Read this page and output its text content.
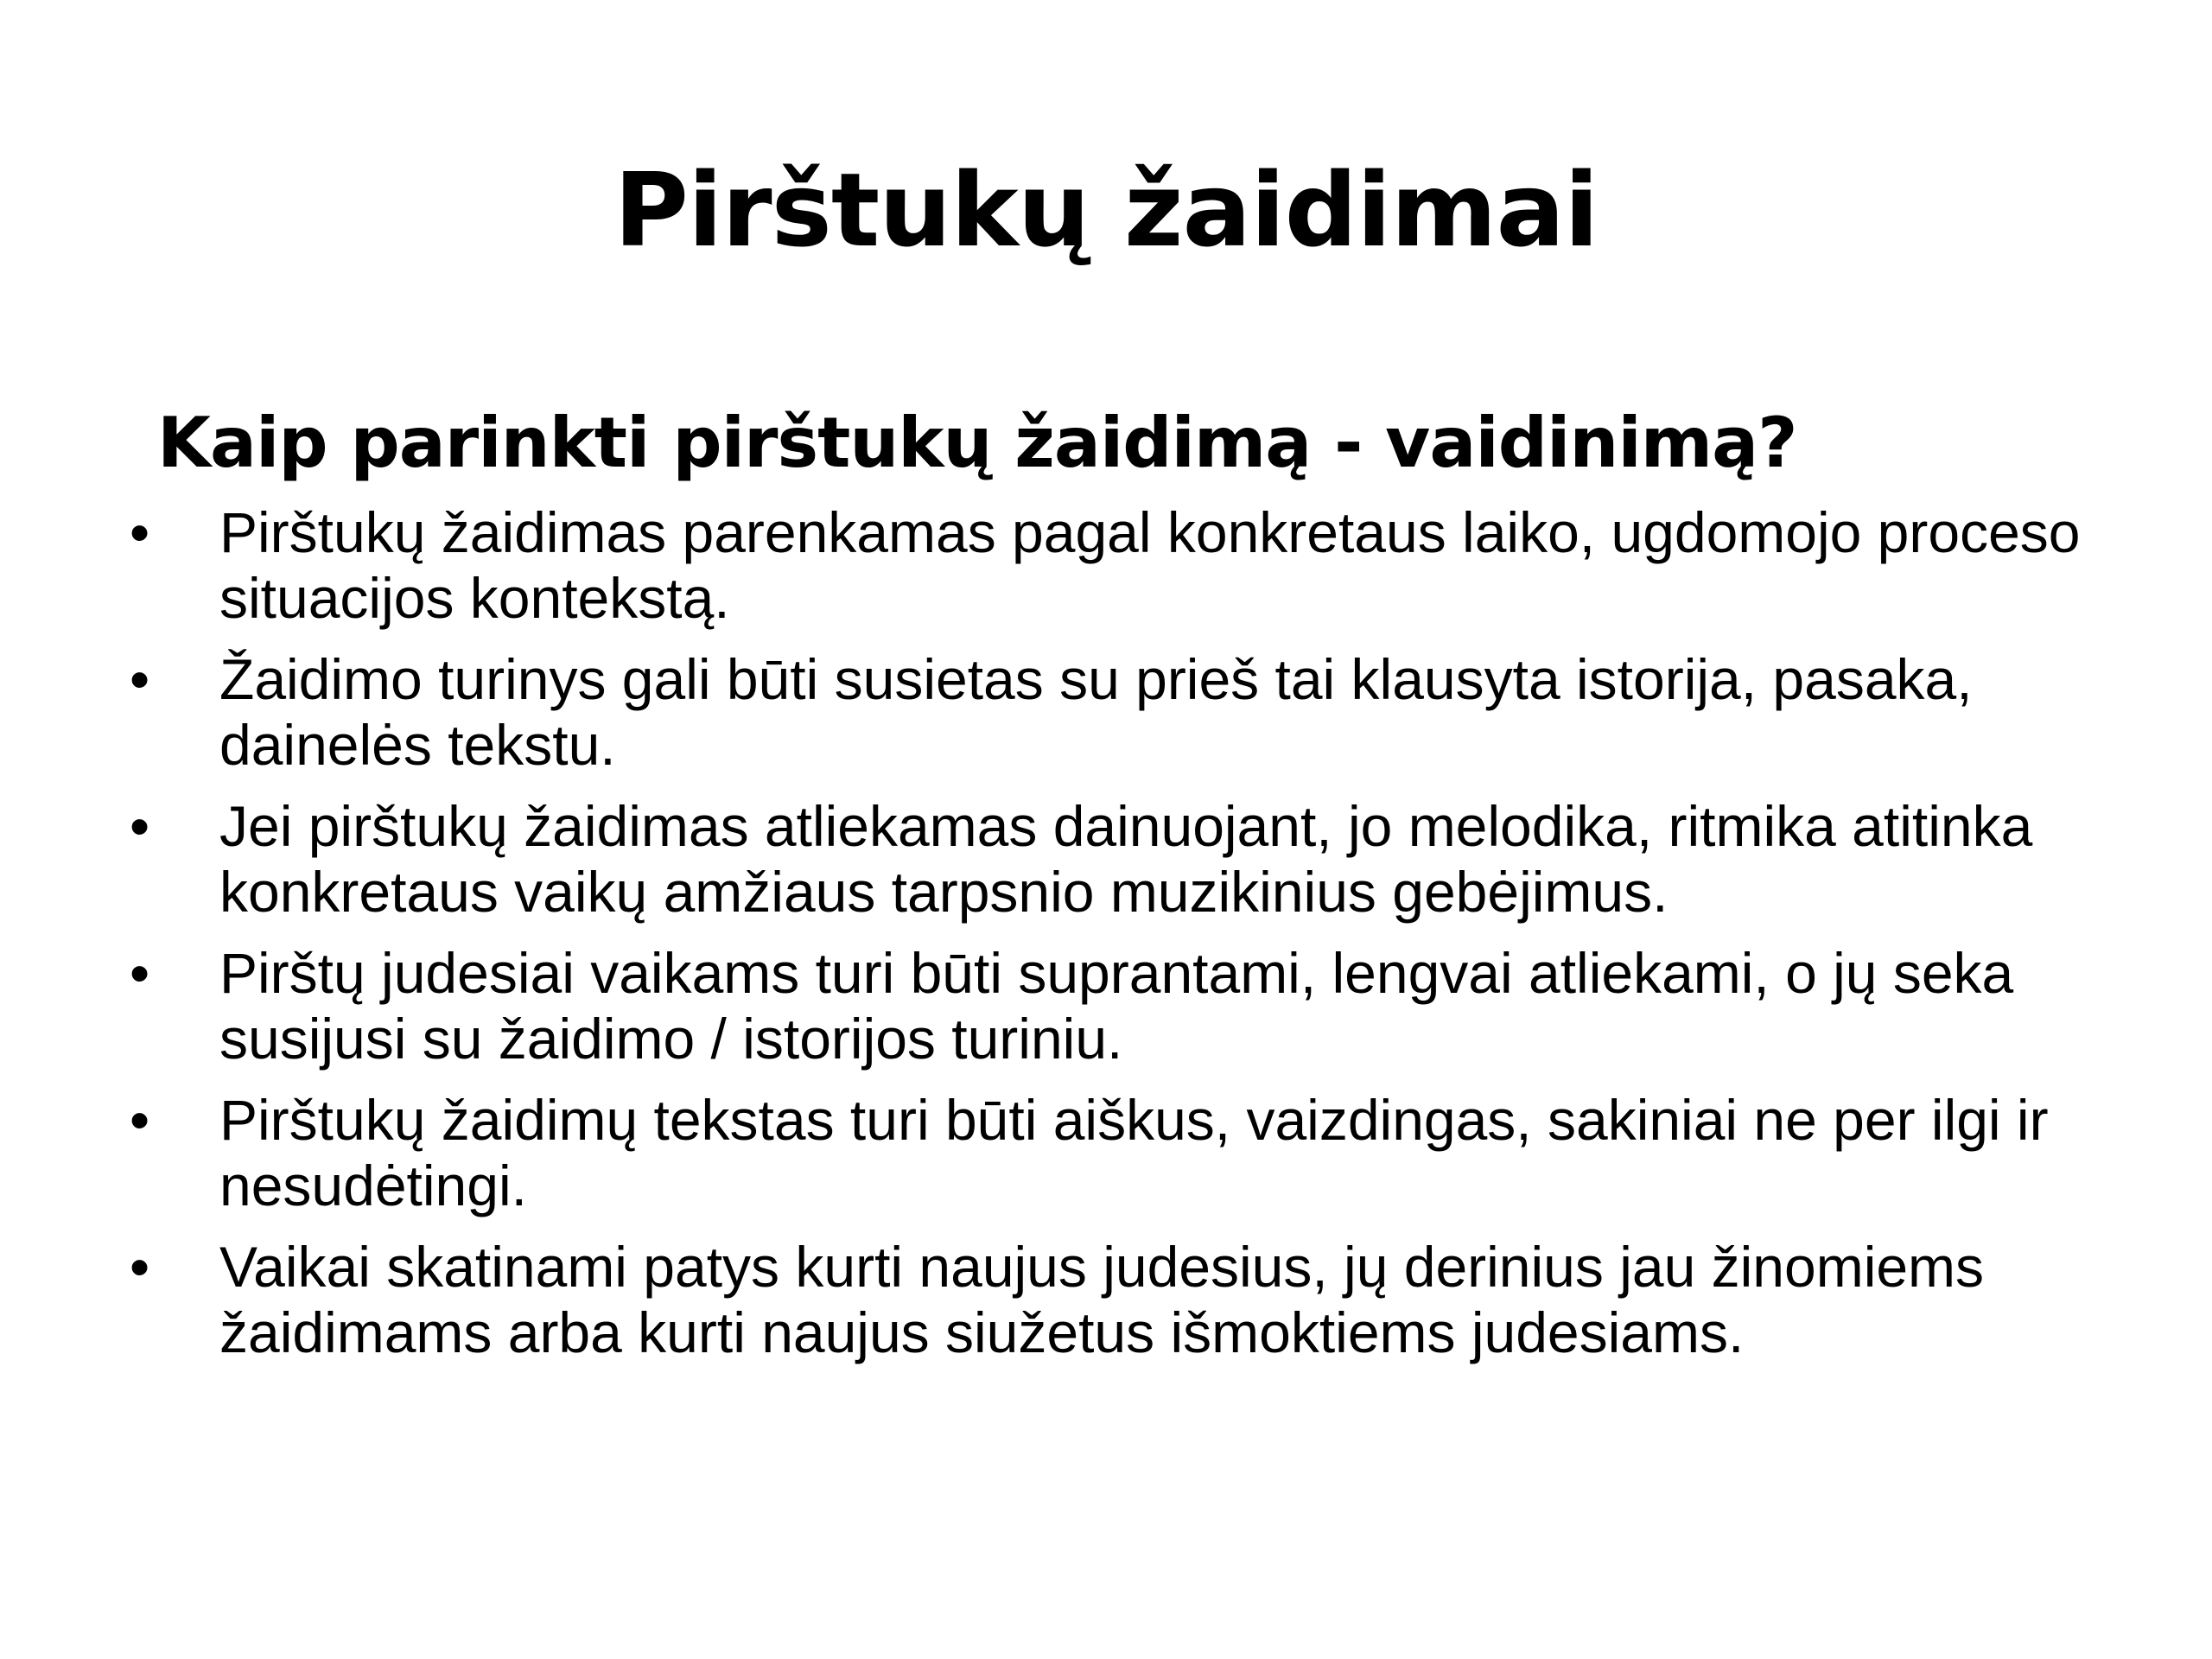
Pirštukų žaidimai
Kaip parinkti pirštukų žaidimą - vaidinimą?
• Pirštukų žaidimas parenkamas pagal konkretaus laiko, ugdomojo proceso situacijos kontekstą.
• Žaidimo turinys gali būti susietas su prieš tai klausyta istorija, pasaka, dainelės tekstu.
• Jei pirštukų žaidimas atliekamas dainuojant, jo melodika, ritmika atitinka konkretaus vaikų amžiaus tarpsnio muzikinius gebėjimus.
• Pirštų judesiai vaikams turi būti suprantami, lengvai atliekami, o jų seka susijusi su žaidimo / istorijos turiniu.
• Pirštukų žaidimų tekstas turi būti aiškus, vaizdingas, sakiniai ne per ilgi ir nesudėtingi.
• Vaikai skatinami patys kurti naujus judesius, jų derinius jau žinomiems žaidimams arba kurti naujus siužetus išmoktiems judesiams.
